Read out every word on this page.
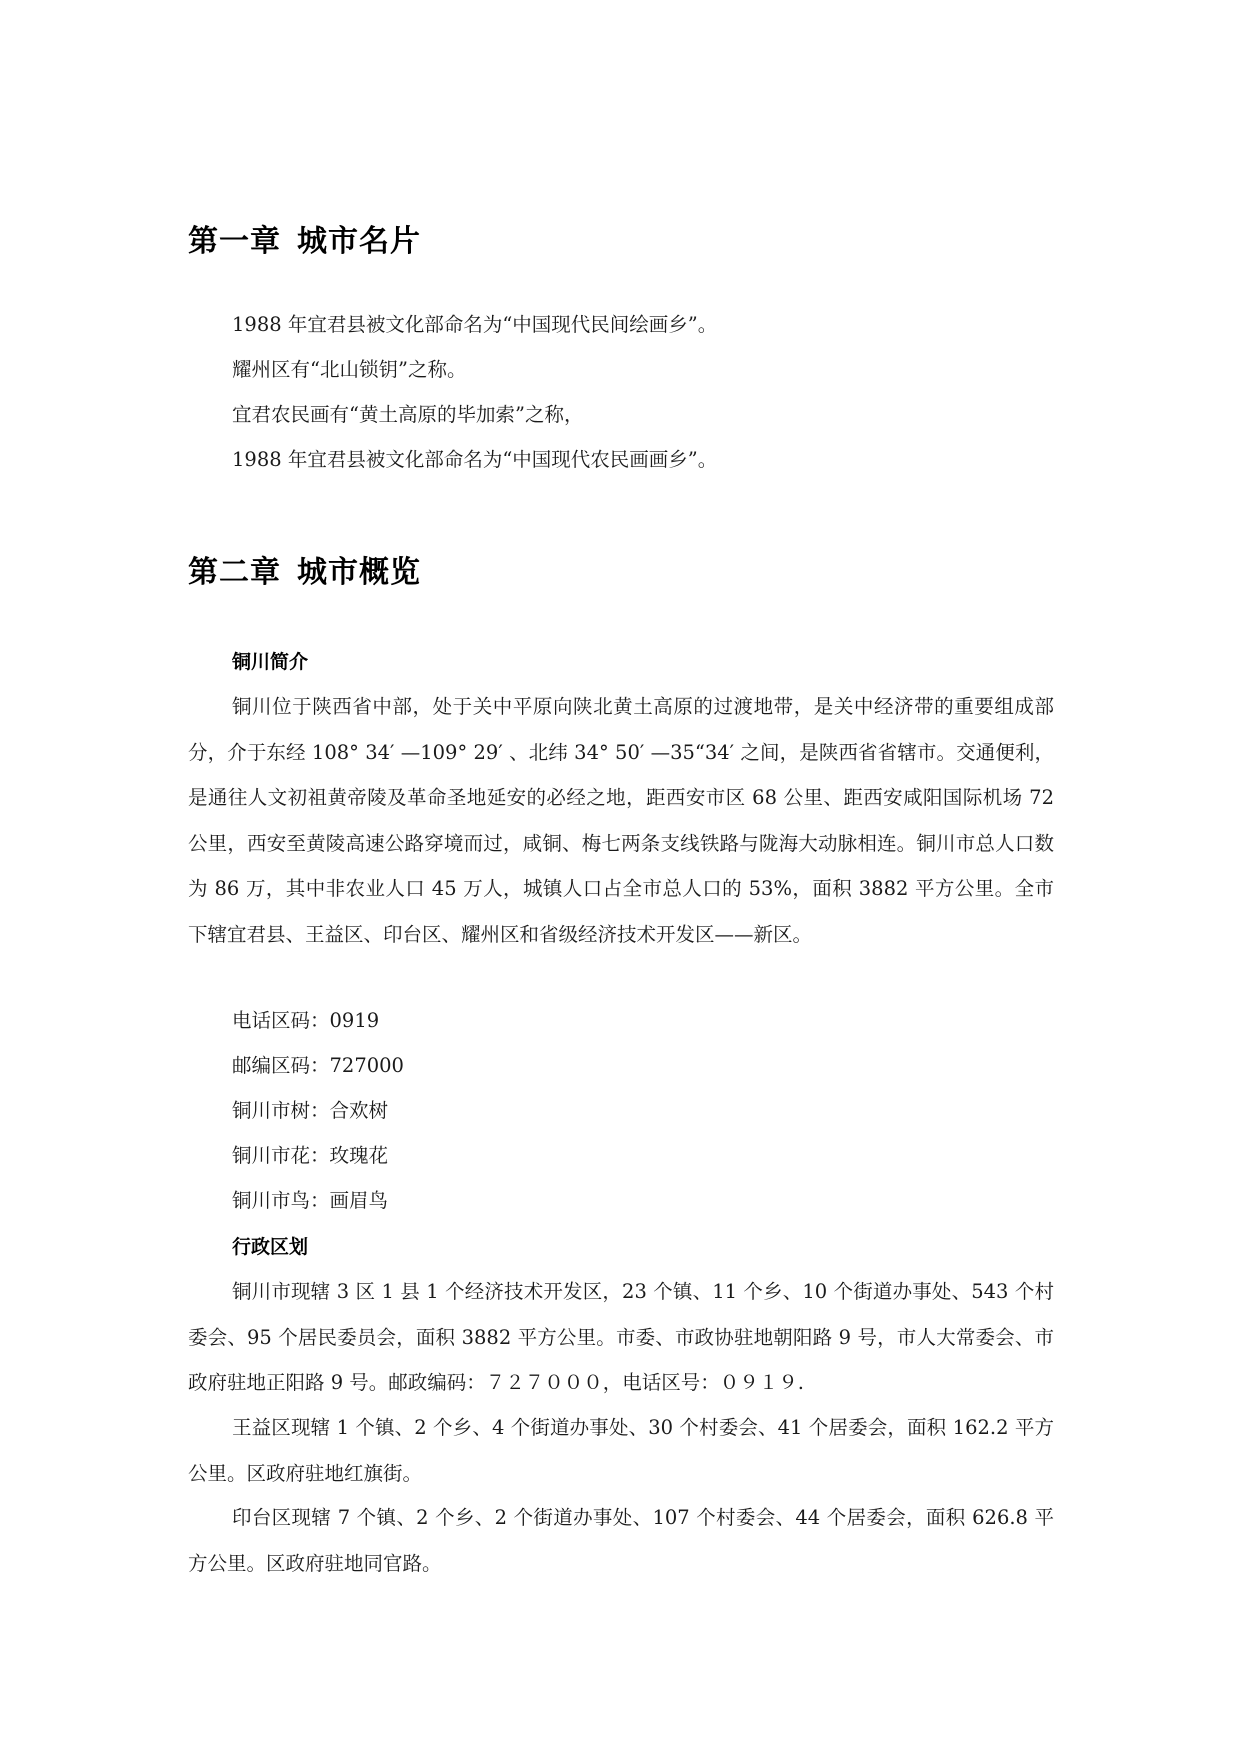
第一章 城市名片

1988 年宜君县被文化部命名为“中国现代民间绘画乡”。

耀州区有“北山锁钥”之称。

宜君农民画有“黄土高原的毕加索”之称，

1988 年宜君县被文化部命名为“中国现代农民画画乡”。

第二章 城市概览
铜川简介

铜川位于陕西省中部，处于关中平原向陕北黄土高原的过渡地带，是关中经济带的重要组成部分，介于东经 108° 34′ —109° 29′ 、北纬 34° 50′ —35“34′ 之间，是陕西省省辖市。交通便利，是通往人文初祖黄帝陵及革命圣地延安的必经之地，距西安市区 68 公里、距西安咸阳国际机场 72 公里，西安至黄陵高速公路穿境而过，咸铜、梅七两条支线铁路与陇海大动脉相连。铜川市总人口数为 86 万，其中非农业人口 45 万人，城镇人口占全市总人口的 53%，面积 3882 平方公里。全市下辖宜君县、王益区、印台区、耀州区和省级经济技术开发区——新区。

电话区码：0919

邮编区码：727000

铜川市树：合欢树

铜川市花：玫瑰花

铜川市鸟：画眉鸟

行政区划

铜川市现辖 3 区 1 县 1 个经济技术开发区，23 个镇、11 个乡、10 个街道办事处、543 个村委会、95 个居民委员会，面积 3882 平方公里。市委、市政协驻地朝阳路 9 号，市人大常委会、市政府驻地正阳路 9 号。邮政编码：７２７０００，电话区号：０９１９.

王益区现辖 1 个镇、2 个乡、4 个街道办事处、30 个村委会、41 个居委会，面积 162.2 平方公里。区政府驻地红旗街。

印台区现辖 7 个镇、2 个乡、2 个街道办事处、107 个村委会、44 个居委会，面积 626.8 平方公里。区政府驻地同官路。
